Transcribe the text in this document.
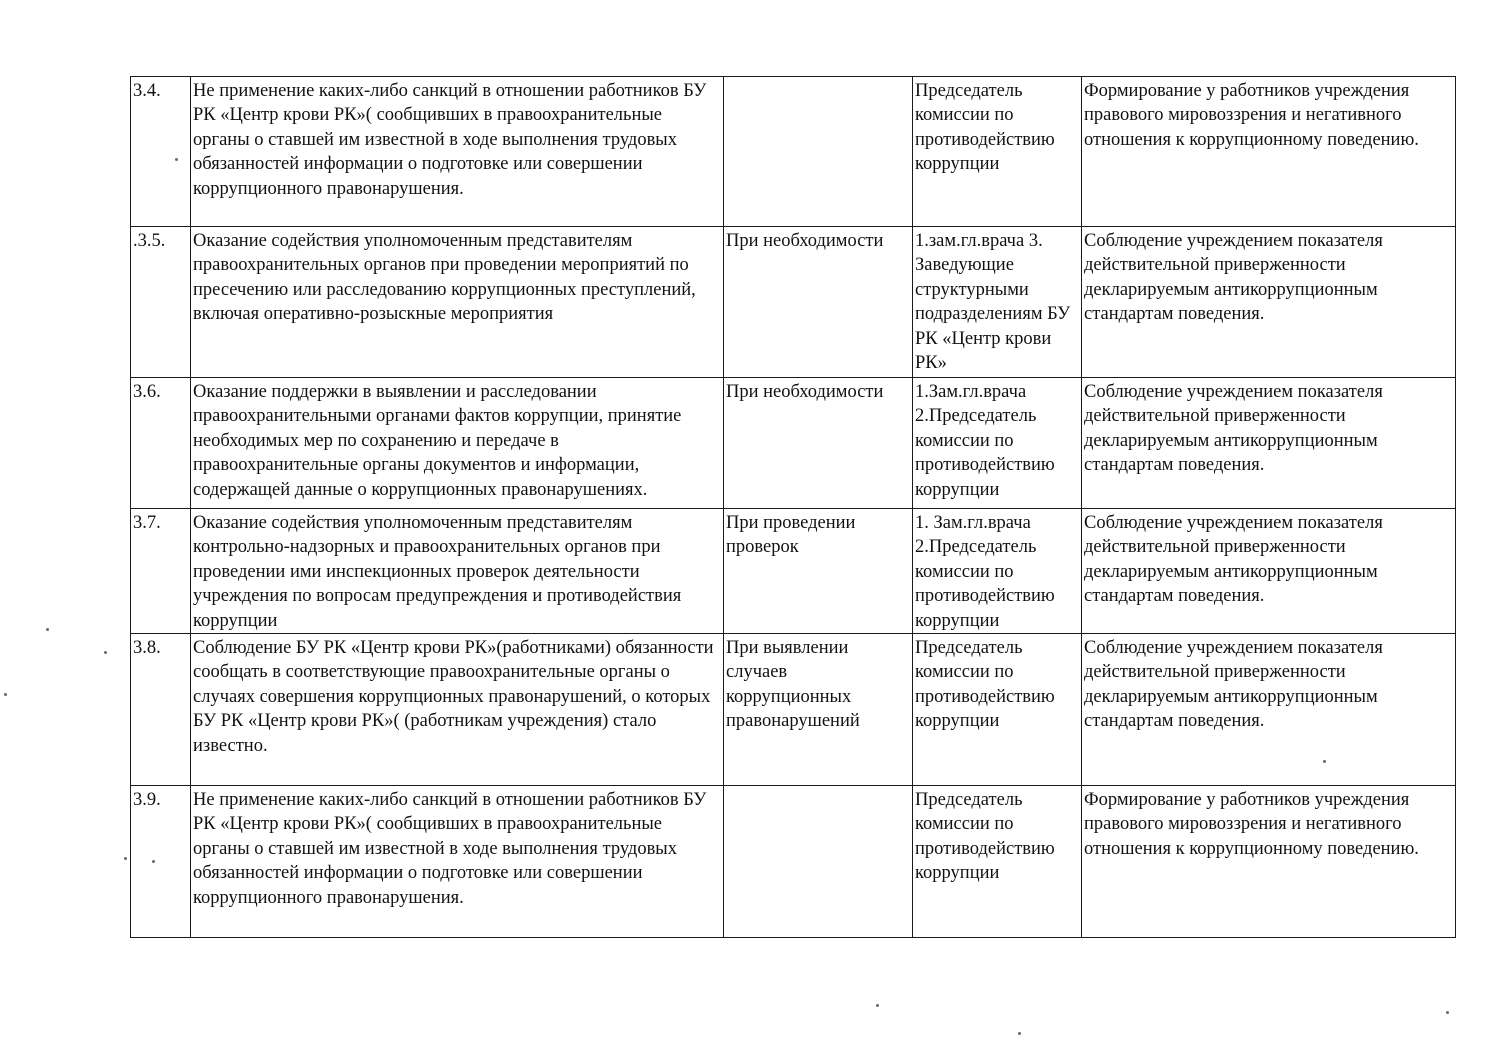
3.4.	Не применение каких-либо санкций в отношении работников БУ РК «Центр крови РК»( сообщивших в правоохранительные органы о ставшей им известной в ходе выполнения трудовых обязанностей информации о подготовке или совершении коррупционного правонарушения.		Председатель комиссии по противодействию коррупции	Формирование у работников учреждения правового мировоззрения и негативного отношения к коррупционному поведению.
.3.5.	Оказание содействия уполномоченным представителям правоохранительных органов при проведении мероприятий по пресечению или расследованию коррупционных преступлений, включая оперативно-розыскные мероприятия	При необходимости	1.зам.гл.врача 3. Заведующие структурными подразделениям БУ РК «Центр крови РК»	Соблюдение учреждением показателя действительной приверженности декларируемым антикоррупционным стандартам поведения.
3.6.	Оказание поддержки в выявлении и расследовании правоохранительными органами фактов коррупции, принятие необходимых мер по сохранению и передаче в правоохранительные органы документов и информации, содержащей данные о коррупционных правонарушениях.	При необходимости	1.Зам.гл.врача 2.Председатель комиссии по противодействию коррупции	Соблюдение учреждением показателя действительной приверженности декларируемым антикоррупционным стандартам поведения.
3.7.	Оказание содействия уполномоченным представителям контрольно-надзорных и правоохранительных органов при проведении ими инспекционных проверок деятельности учреждения по вопросам предупреждения и противодействия коррупции	При проведении проверок	1. Зам.гл.врача 2.Председатель комиссии по противодействию коррупции	Соблюдение учреждением показателя действительной приверженности декларируемым антикоррупционным стандартам поведения.
3.8.	Соблюдение БУ РК «Центр крови РК»(работниками) обязанности сообщать в соответствующие правоохранительные органы о случаях совершения коррупционных правонарушений, о которых БУ РК «Центр крови РК»( (работникам учреждения) стало известно.	При выявлении случаев коррупционных правонарушений	Председатель комиссии по противодействию коррупции	Соблюдение учреждением показателя действительной приверженности декларируемым антикоррупционным стандартам поведения.
3.9.	Не применение каких-либо санкций в отношении работников БУ РК «Центр крови РК»( сообщивших в правоохранительные органы о ставшей им известной в ходе выполнения трудовых обязанностей информации о подготовке или совершении коррупционного правонарушения.		Председатель комиссии по противодействию коррупции	Формирование у работников учреждения правового мировоззрения и негативного отношения к коррупционному поведению.
